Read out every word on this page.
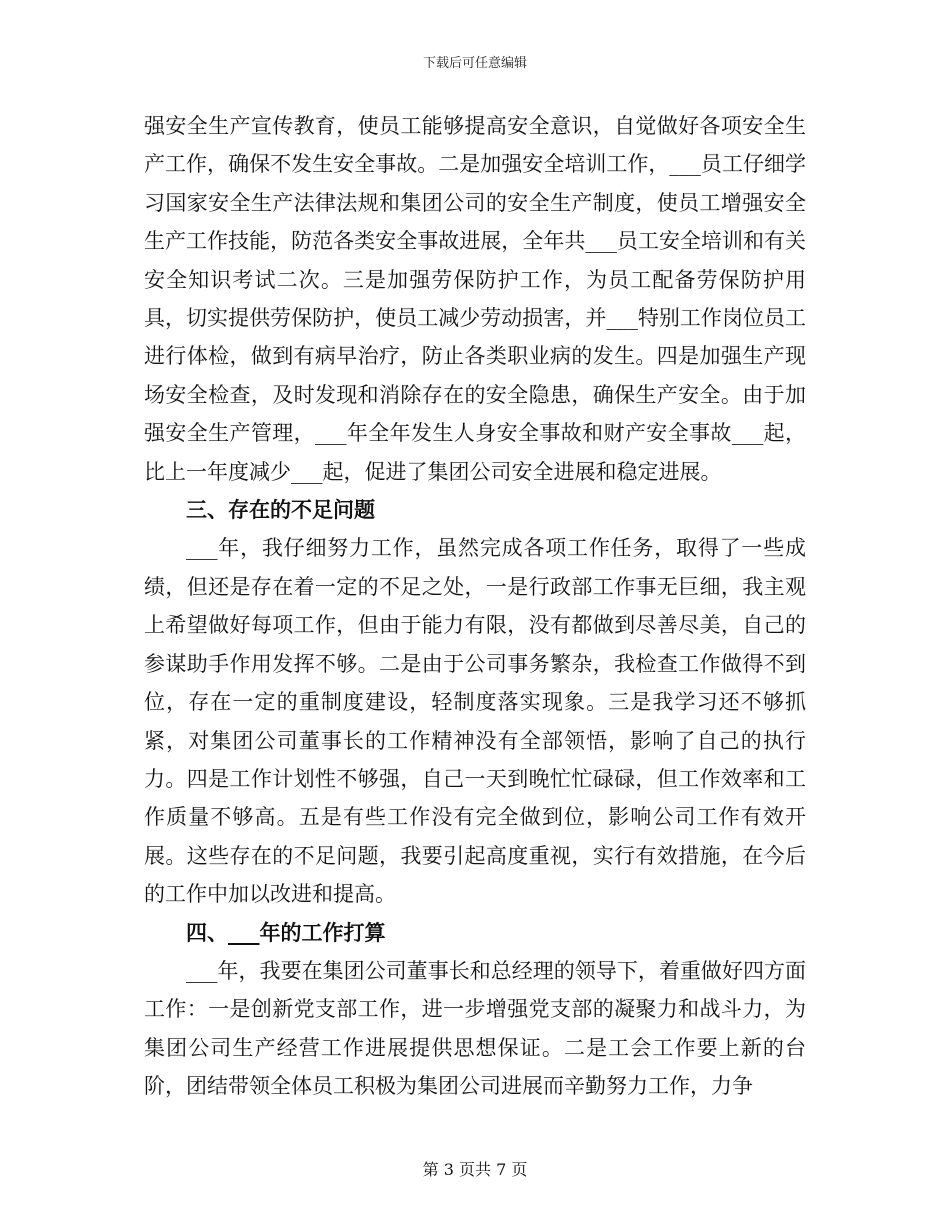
下载后可任意编辑

强安全生产宣传教育，使员工能够提高安全意识，自觉做好各项安全生产工作，确保不发生安全事故。二是加强安全培训工作，___员工仔细学习国家安全生产法律法规和集团公司的安全生产制度，使员工增强安全生产工作技能，防范各类安全事故进展，全年共___员工安全培训和有关安全知识考试二次。三是加强劳保防护工作，为员工配备劳保防护用具，切实提供劳保防护，使员工减少劳动损害，并___特别工作岗位员工进行体检，做到有病早治疗，防止各类职业病的发生。四是加强生产现场安全检查，及时发现和消除存在的安全隐患，确保生产安全。由于加强安全生产管理，___年全年发生人身安全事故和财产安全事故___起，比上一年度减少___起，促进了集团公司安全进展和稳定进展。

三、存在的不足问题

___年，我仔细努力工作，虽然完成各项工作任务，取得了一些成绩，但还是存在着一定的不足之处，一是行政部工作事无巨细，我主观上希望做好每项工作，但由于能力有限，没有都做到尽善尽美，自己的参谋助手作用发挥不够。二是由于公司事务繁杂，我检查工作做得不到位，存在一定的重制度建设，轻制度落实现象。三是我学习还不够抓紧，对集团公司董事长的工作精神没有全部领悟，影响了自己的执行力。四是工作计划性不够强，自己一天到晚忙忙碌碌，但工作效率和工作质量不够高。五是有些工作没有完全做到位，影响公司工作有效开展。这些存在的不足问题，我要引起高度重视，实行有效措施，在今后的工作中加以改进和提高。

四、___年的工作打算

___年，我要在集团公司董事长和总经理的领导下，着重做好四方面工作：一是创新党支部工作，进一步增强党支部的凝聚力和战斗力，为集团公司生产经营工作进展提供思想保证。二是工会工作要上新的台阶，团结带领全体员工积极为集团公司进展而辛勤努力工作，力争

第 3 页共 7 页
